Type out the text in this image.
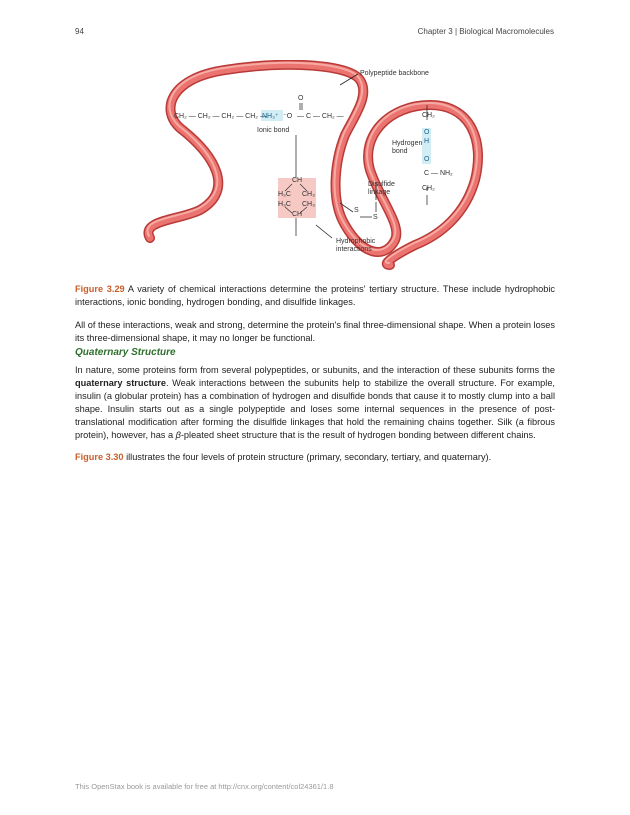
94	Chapter 3 | Biological Macromolecules
CH₂ — CH₂ — CH₂ — CH₂ —
NH₃⁺ ⁻O — C — CH₂ —
O
CH₂
O
H
O
C — NH₂
CH₂
CH
H₃C CH₃
H₃C CH₃
CH
S
S
Polypeptide backbone
Ionic bond
Hydrogen bond
Disulfide linkage
Hydrophobic interactions
Figure 3.29 A variety of chemical interactions determine the proteins' tertiary structure. These include hydrophobic interactions, ionic bonding, hydrogen bonding, and disulfide linkages.

All of these interactions, weak and strong, determine the protein's final three-dimensional shape. When a protein loses its three-dimensional shape, it may no longer be functional.

Quaternary Structure

In nature, some proteins form from several polypeptides, or subunits, and the interaction of these subunits forms the quaternary structure. Weak interactions between the subunits help to stabilize the overall structure. For example, insulin (a globular protein) has a combination of hydrogen and disulfide bonds that cause it to mostly clump into a ball shape. Insulin starts out as a single polypeptide and loses some internal sequences in the presence of post-translational modification after forming the disulfide linkages that hold the remaining chains together. Silk (a fibrous protein), however, has a β-pleated sheet structure that is the result of hydrogen bonding between different chains.

Figure 3.30 illustrates the four levels of protein structure (primary, secondary, tertiary, and quaternary).

This OpenStax book is available for free at http://cnx.org/content/col24361/1.8
